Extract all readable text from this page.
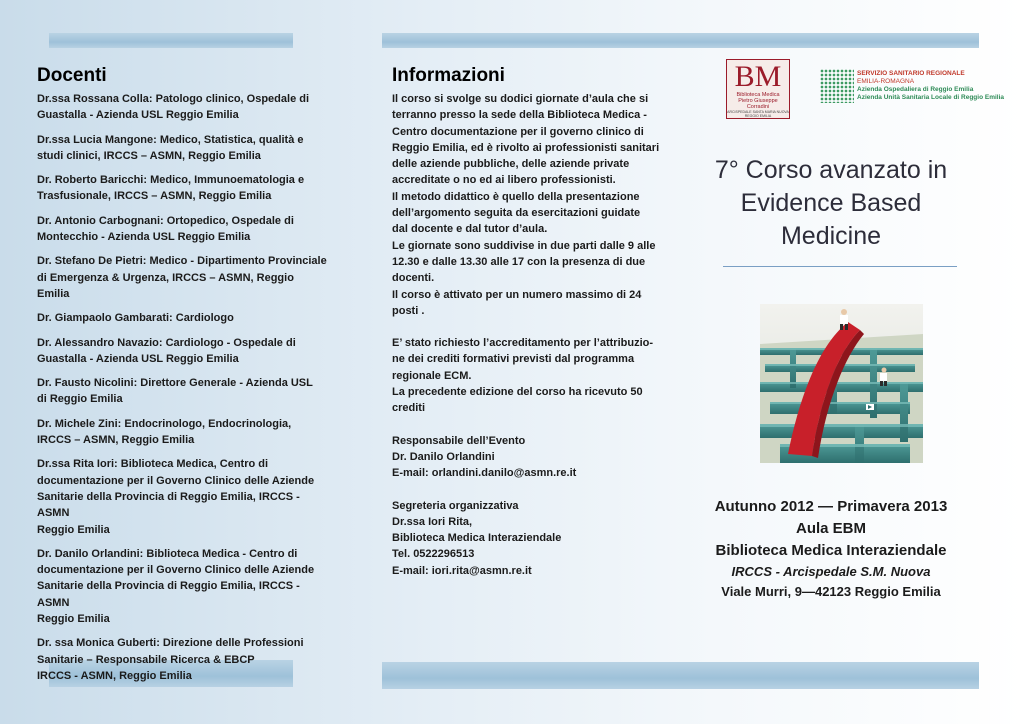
Docenti

Dr.ssa Rossana Colla: Patologo clinico, Ospedale di
Guastalla - Azienda USL Reggio Emilia

Dr.ssa Lucia Mangone: Medico, Statistica, qualità e
studi clinici, IRCCS – ASMN, Reggio Emilia

Dr. Roberto Baricchi: Medico, Immunoematologia e
Trasfusionale, IRCCS – ASMN, Reggio Emilia

Dr. Antonio Carbognani: Ortopedico, Ospedale di
Montecchio - Azienda USL Reggio Emilia

Dr. Stefano De Pietri: Medico - Dipartimento Provinciale
di Emergenza & Urgenza, IRCCS – ASMN, Reggio Emilia

Dr. Giampaolo Gambarati: Cardiologo

Dr. Alessandro Navazio: Cardiologo - Ospedale di
Guastalla - Azienda USL Reggio Emilia

Dr. Fausto Nicolini: Direttore Generale - Azienda USL
di Reggio Emilia

Dr. Michele Zini: Endocrinologo, Endocrinologia,
IRCCS – ASMN, Reggio Emilia

Dr.ssa Rita Iori: Biblioteca Medica, Centro di
documentazione per il Governo Clinico delle Aziende
Sanitarie della Provincia di Reggio Emilia, IRCCS - ASMN
Reggio Emilia

Dr. Danilo Orlandini: Biblioteca Medica - Centro di
documentazione per il Governo Clinico delle Aziende
Sanitarie della Provincia di Reggio Emilia, IRCCS - ASMN
Reggio Emilia

Dr. ssa Monica Guberti: Direzione delle Professioni
Sanitarie – Responsabile Ricerca & EBCP
IRCCS - ASMN, Reggio Emilia

Informazioni

Il corso si svolge su dodici giornate d’aula che si
terranno presso la sede della Biblioteca Medica -
Centro documentazione per il governo clinico di
Reggio Emilia, ed è rivolto ai professionisti sanitari
delle aziende pubbliche, delle aziende private
accreditate o no ed ai libero professionisti.
Il metodo didattico è quello della presentazione
dell’argomento seguita da esercitazioni guidate
dal docente e dal tutor d’aula.
Le giornate sono suddivise in due parti dalle 9 alle
12.30 e dalle 13.30 alle 17 con la presenza di due
docenti.
Il corso è attivato per un numero massimo di 24
posti .

E’ stato richiesto l’accreditamento per l’attribuzio-
ne dei crediti formativi previsti dal programma
regionale ECM.
La precedente edizione del corso ha ricevuto 50
crediti

Responsabile dell’Evento
Dr. Danilo Orlandini
E-mail: orlandini.danilo@asmn.re.it

Segreteria organizzativa
Dr.ssa Iori Rita,
Biblioteca Medica Interaziendale
Tel. 0522296513
E-mail: iori.rita@asmn.re.it

BM
Biblioteca Medica
Pietro Giuseppe Corradini
ARCISPEDALE SANTA MARIA NUOVA
REGGIO EMILIA
SERVIZIO SANITARIO REGIONALE
EMILIA-ROMAGNA
Azienda Ospedaliera di Reggio Emilia
Azienda Unità Sanitaria Locale di Reggio Emilia
7° Corso avanzato in
Evidence Based
Medicine
Autunno 2012 — Primavera 2013
Aula EBM
Biblioteca Medica Interaziendale
IRCCS - Arcispedale S.M. Nuova
Viale Murri, 9—42123 Reggio Emilia
